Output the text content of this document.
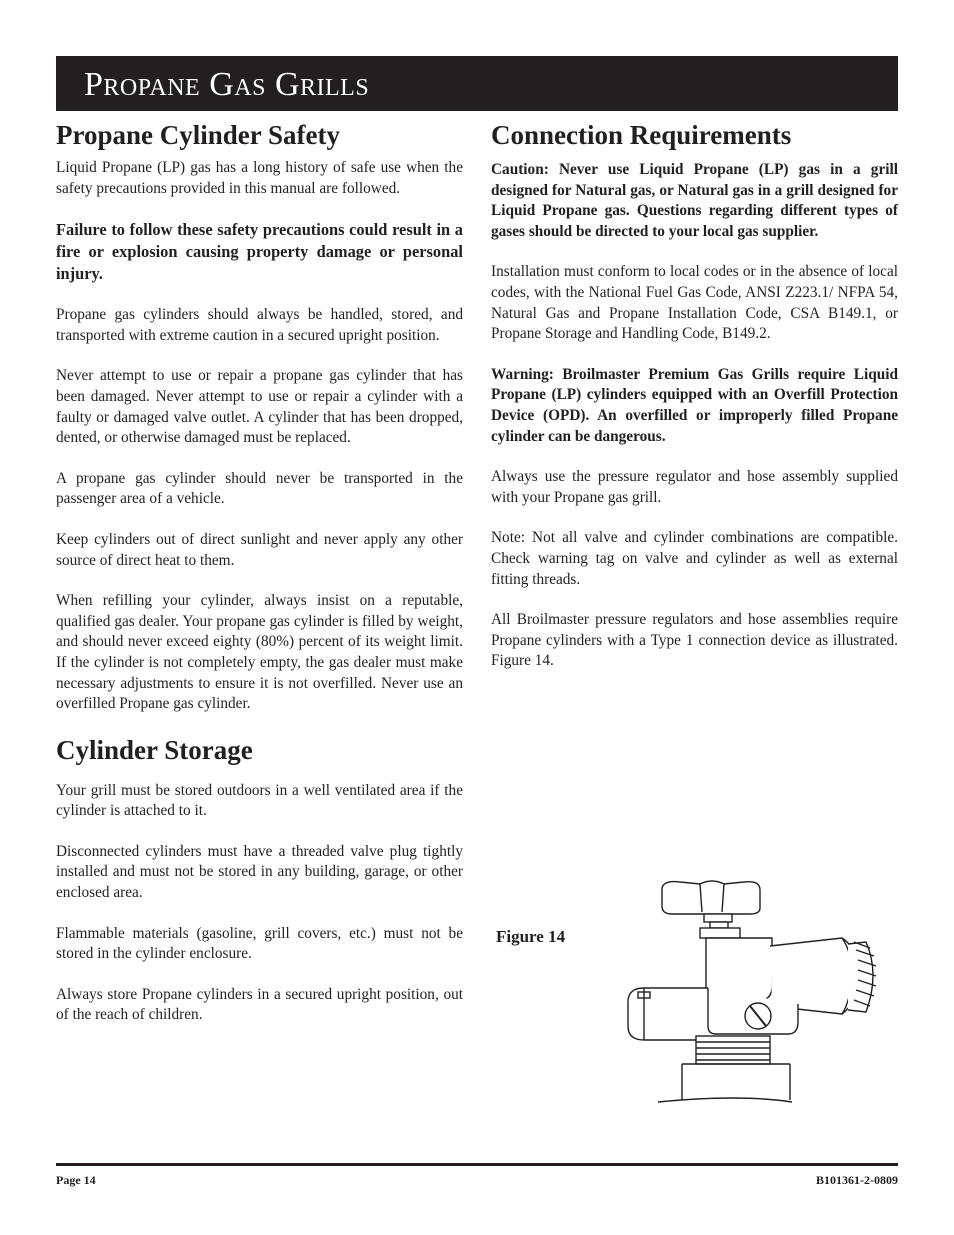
Propane Gas Grills
Propane Cylinder Safety

Liquid Propane (LP) gas has a long history of safe use when the safety precautions provided in this manual are followed.

Failure to follow these safety precautions could result in a fire or explosion causing property damage or personal injury.

Propane gas cylinders should always be handled, stored, and transported with extreme caution in a secured upright position.

Never attempt to use or repair a propane gas cylinder that has been damaged. Never attempt to use or repair a cylinder with a faulty or damaged valve outlet. A cylinder that has been dropped, dented, or otherwise damaged must be replaced.

A propane gas cylinder should never be transported in the passenger area of a vehicle.

Keep cylinders out of direct sunlight and never apply any other source of direct heat to them.

When refilling your cylinder, always insist on a reputable, qualified gas dealer. Your propane gas cylinder is filled by weight, and should never exceed eighty (80%) percent of its weight limit. If the cylinder is not completely empty, the gas dealer must make necessary adjustments to ensure it is not overfilled. Never use an overfilled Propane gas cylinder.

Cylinder Storage

Your grill must be stored outdoors in a well ventilated area if the cylinder is attached to it.

Disconnected cylinders must have a threaded valve plug tightly installed and must not be stored in any building, garage, or other enclosed area.

Flammable materials (gasoline, grill covers, etc.) must not be stored in the cylinder enclosure.

Always store Propane cylinders in a secured upright position, out of the reach of children.

Connection Requirements

Caution: Never use Liquid Propane (LP) gas in a grill designed for Natural gas, or Natural gas in a grill designed for Liquid Propane gas. Questions regarding different types of gases should be directed to your local gas supplier.

Installation must conform to local codes or in the absence of local codes, with the National Fuel Gas Code, ANSI Z223.1/ NFPA 54, Natural Gas and Propane Installation Code, CSA B149.1, or Propane Storage and Handling Code, B149.2.

Warning: Broilmaster Premium Gas Grills require Liquid Propane (LP) cylinders equipped with an Overfill Protection Device (OPD). An overfilled or improperly filled Propane cylinder can be dangerous.

Always use the pressure regulator and hose assembly supplied with your Propane gas grill.

Note: Not all valve and cylinder combinations are compatible. Check warning tag on valve and cylinder as well as external fitting threads.

All Broilmaster pressure regulators and hose assemblies require Propane cylinders with a Type 1 connection device as illustrated. Figure 14.

Figure 14
Page 14	B101361-2-0809
